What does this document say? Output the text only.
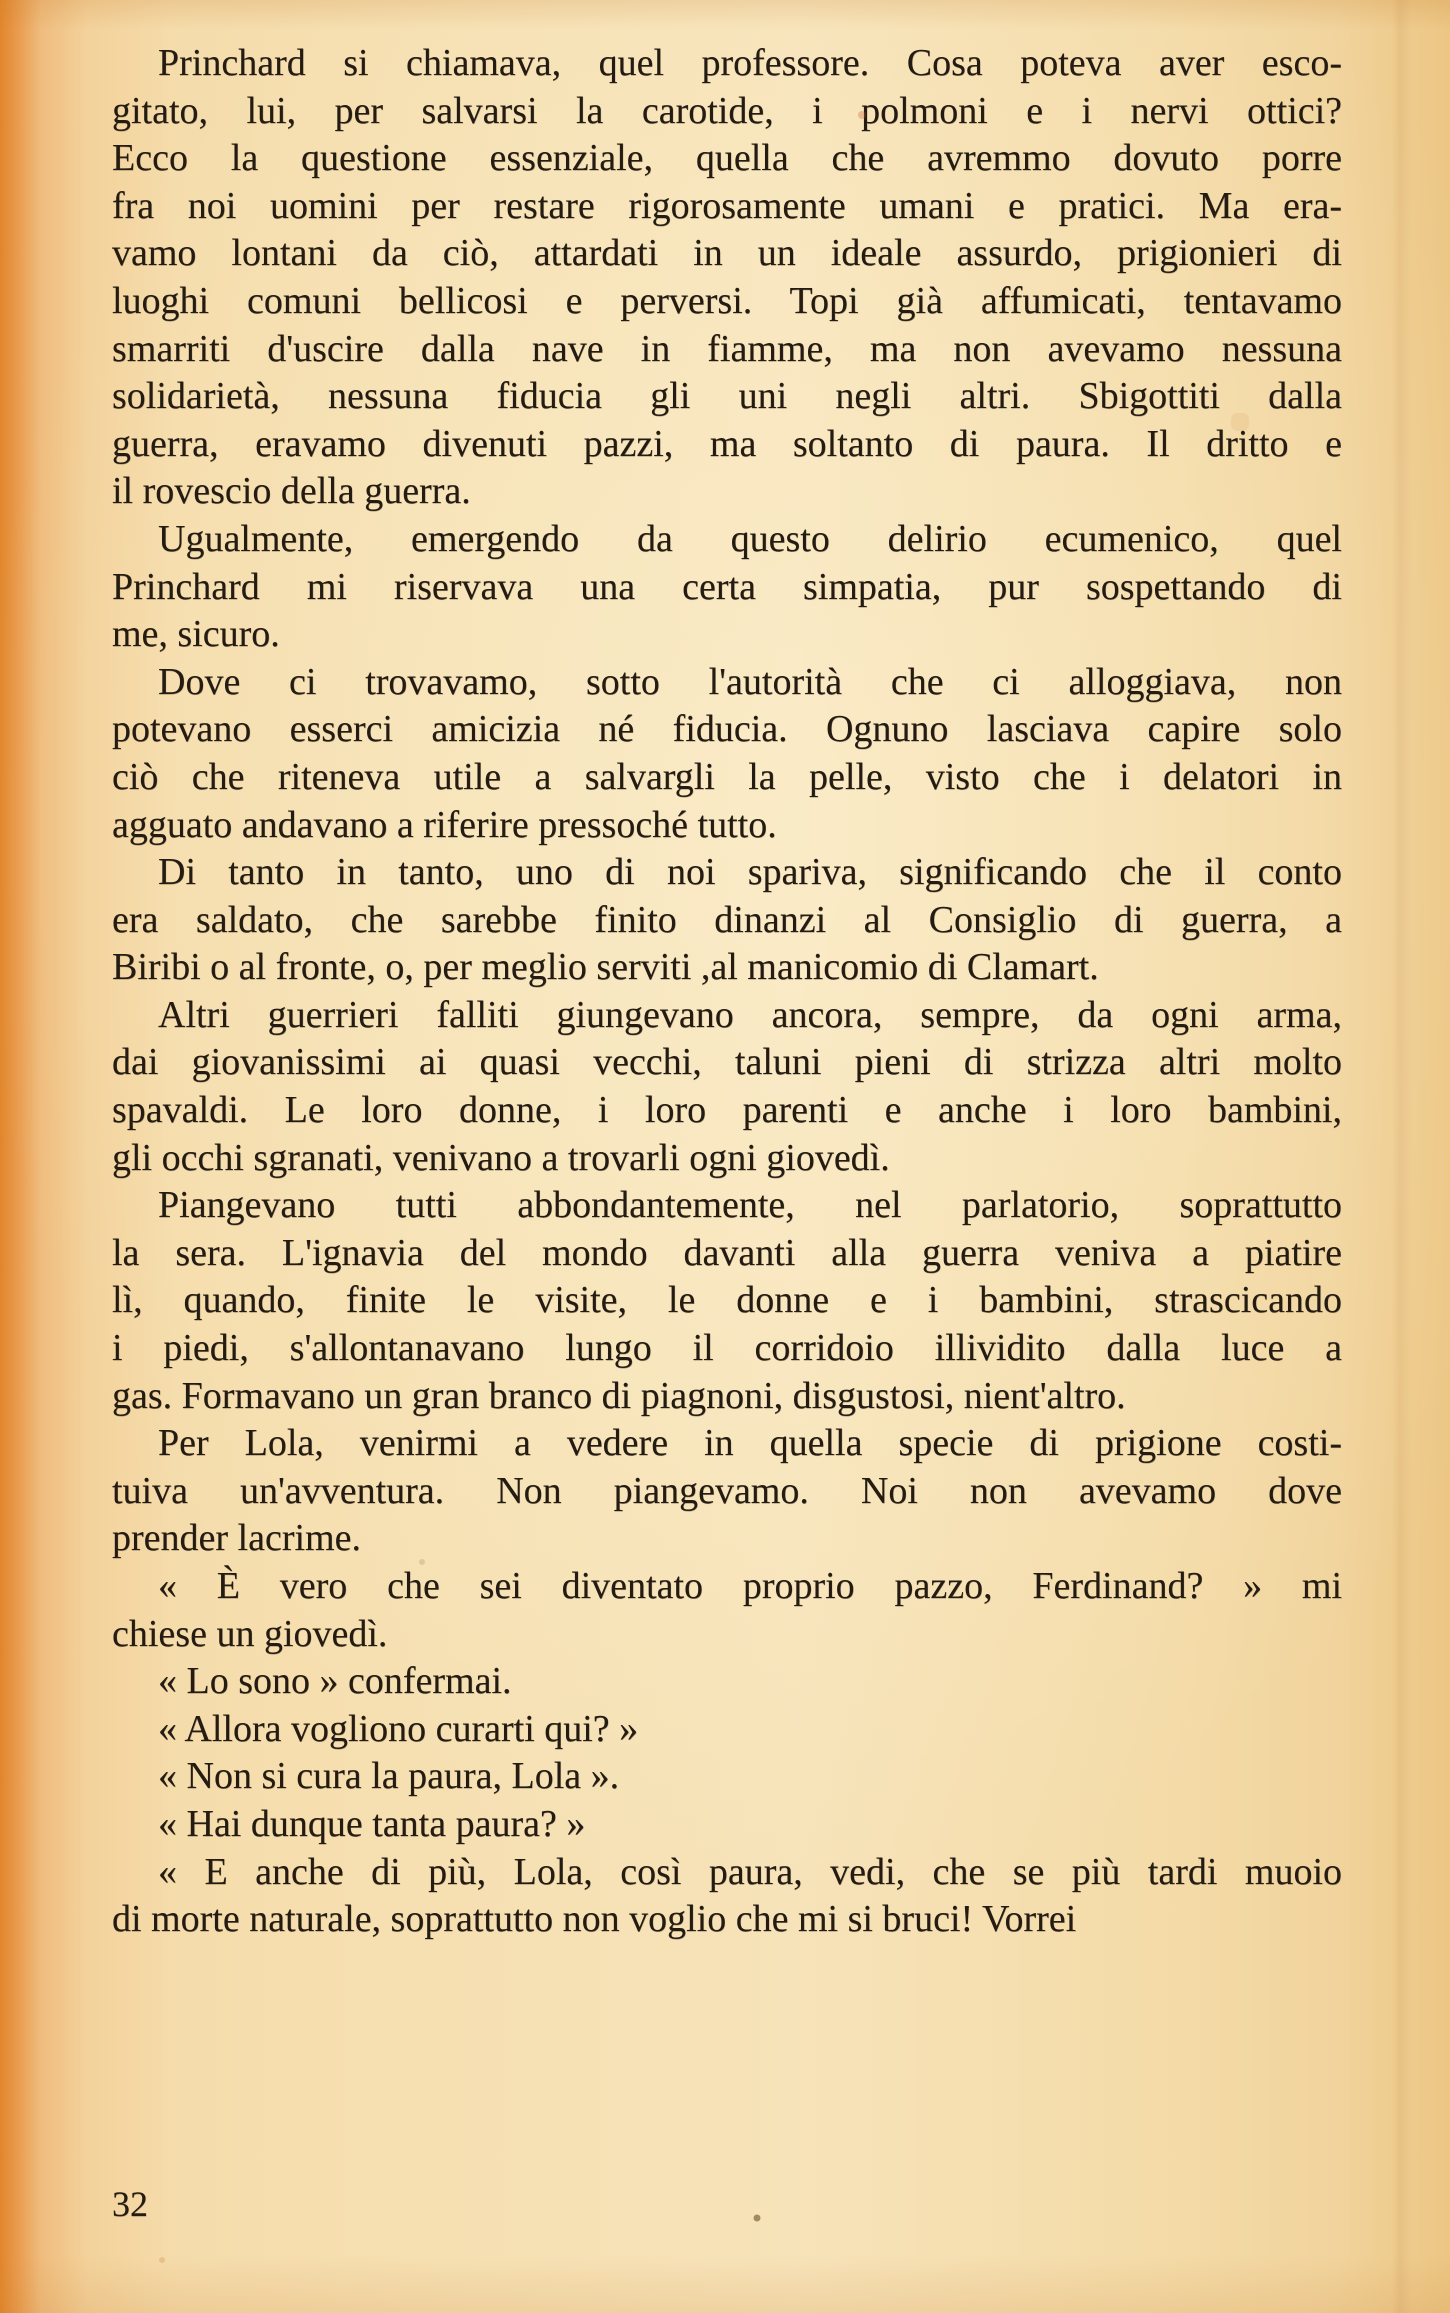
Princhard si chiamava, quel professore. Cosa poteva aver esco-
gitato, lui, per salvarsi la carotide, i polmoni e i nervi ottici?
Ecco la questione essenziale, quella che avremmo dovuto porre
fra noi uomini per restare rigorosamente umani e pratici. Ma era-
vamo lontani da ciò, attardati in un ideale assurdo, prigionieri di
luoghi comuni bellicosi e perversi. Topi già affumicati, tentavamo
smarriti d'uscire dalla nave in fiamme, ma non avevamo nessuna
solidarietà, nessuna fiducia gli uni negli altri. Sbigottiti dalla
guerra, eravamo divenuti pazzi, ma soltanto di paura. Il dritto e
il rovescio della guerra.
Ugualmente, emergendo da questo delirio ecumenico, quel
Princhard mi riservava una certa simpatia, pur sospettando di
me, sicuro.
Dove ci trovavamo, sotto l'autorità che ci alloggiava, non
potevano esserci amicizia né fiducia. Ognuno lasciava capire solo
ciò che riteneva utile a salvargli la pelle, visto che i delatori in
agguato andavano a riferire pressoché tutto.
Di tanto in tanto, uno di noi spariva, significando che il conto
era saldato, che sarebbe finito dinanzi al Consiglio di guerra, a
Biribi o al fronte, o, per meglio serviti ,al manicomio di Clamart.
Altri guerrieri falliti giungevano ancora, sempre, da ogni arma,
dai giovanissimi ai quasi vecchi, taluni pieni di strizza altri molto
spavaldi. Le loro donne, i loro parenti e anche i loro bambini,
gli occhi sgranati, venivano a trovarli ogni giovedì.
Piangevano tutti abbondantemente, nel parlatorio, soprattutto
la sera. L'ignavia del mondo davanti alla guerra veniva a piatire
lì, quando, finite le visite, le donne e i bambini, strascicando
i piedi, s'allontanavano lungo il corridoio illividito dalla luce a
gas. Formavano un gran branco di piagnoni, disgustosi, nient'altro.
Per Lola, venirmi a vedere in quella specie di prigione costi-
tuiva un'avventura. Non piangevamo. Noi non avevamo dove
prender lacrime.
« È vero che sei diventato proprio pazzo, Ferdinand? » mi
chiese un giovedì.
« Lo sono » confermai.
« Allora vogliono curarti qui? »
« Non si cura la paura, Lola ».
« Hai dunque tanta paura? »
« E anche di più, Lola, così paura, vedi, che se più tardi muoio
di morte naturale, soprattutto non voglio che mi si bruci! Vorrei
32
